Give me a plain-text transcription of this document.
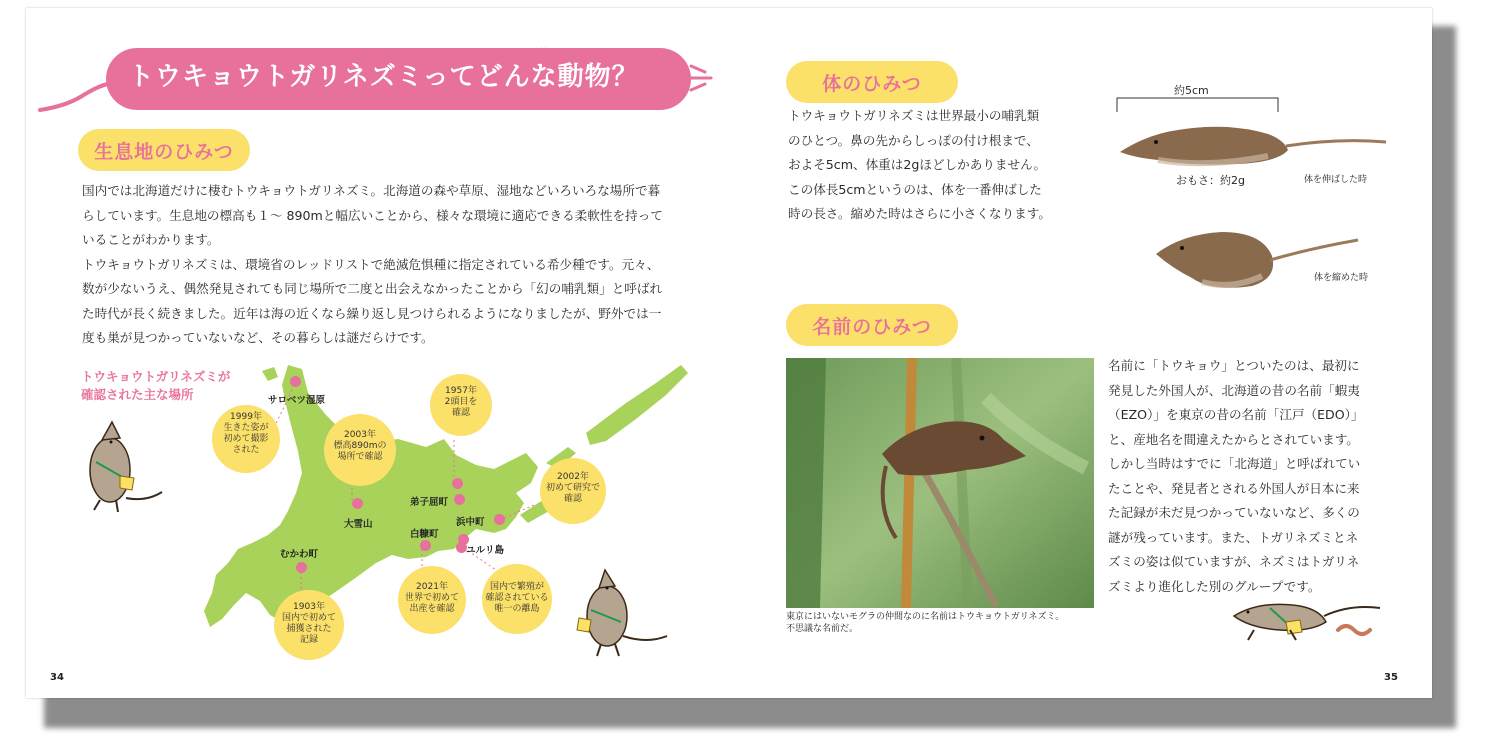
トウキョウトガリネズミってどんな動物？
どうぶつ
生息地のひみつ

国内では北海道だけに棲むトウキョウトガリネズミ。北海道の森や草原、湿地などいろいろな場所で暮

らしています。生息地の標高も１～ 890mと幅広いことから、様々な環境に適応できる柔軟性を持って

いることがわかります。

トウキョウトガリネズミは、環境省のレッドリストで絶滅危惧種に指定されている希少種です。元々、

数が少ないうえ、偶然発見されても同じ場所で二度と出会えなかったことから「幻の哺乳類」と呼ばれ

た時代が長く続きました。近年は海の近くなら繰り返し見つけられるようになりましたが、野外では一

度も巣が見つかっていないなど、その暮らしは謎だらけです。

トウキョウトガリネズミが
確認された主な場所
1999年
生きた姿が
初めて撮影
された
2003年
標高890mの
場所で確認
1957年
2頭目を
確認
2002年
初めて研究で
確認
1903年
国内で初めて
捕獲された
記録
2021年
世界で初めて
出産を確認
国内で繁殖が
確認されている
唯一の離島
サロベツ湿原
大雪山
弟子屈町
浜中町
白糠町
ユルリ島
むかわ町
34
体のひみつ

トウキョウトガリネズミは世界最小の哺乳類

のひとつ。鼻の先からしっぽの付け根まで、

およそ5cm、体重は2gほどしかありません。

この体長5cmというのは、体を一番伸ばした

時の長さ。縮めた時はさらに小さくなります。

約5cm
おもさ：約2g	体を伸ばした時
体を縮めた時
名前のひみつ
東京にはいないモグラの仲間なのに名前はトウキョウトガリネズミ。
不思議な名前だ。

名前に「トウキョウ」とついたのは、最初に

発見した外国人が、北海道の昔の名前「蝦夷

（EZO）」を東京の昔の名前「江戸（EDO）」

と、産地名を間違えたからとされています。

しかし当時はすでに「北海道」と呼ばれてい

たことや、発見者とされる外国人が日本に来

た記録が未だ見つかっていないなど、多くの

謎が残っています。また、トガリネズミとネ

ズミの姿は似ていますが、ネズミはトガリネ

ズミより進化した別のグループです。

35
